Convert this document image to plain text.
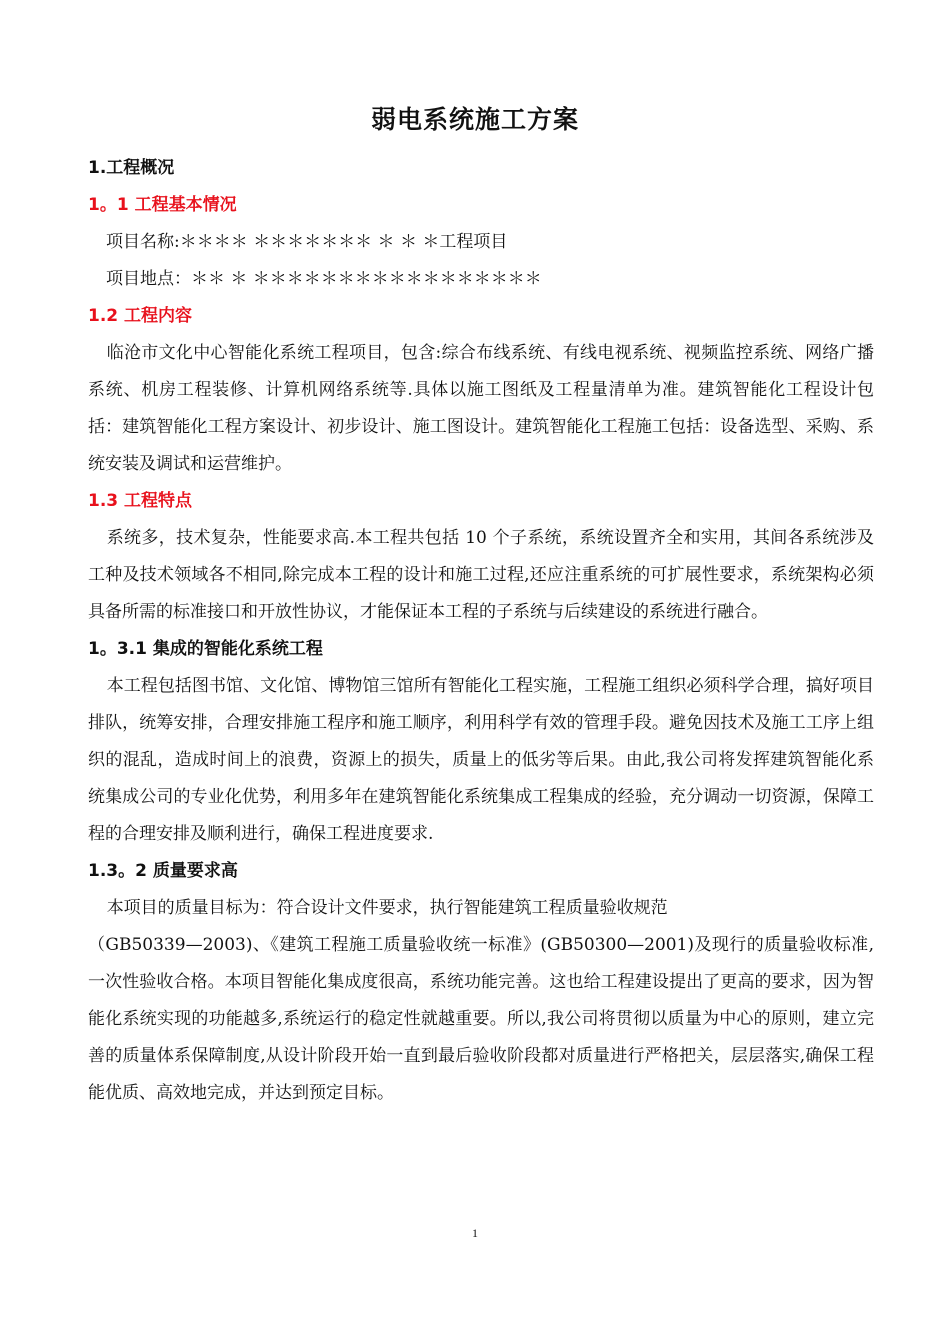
弱电系统施工方案
1.工程概况
1。1 工程基本情况
项目名称:＊＊＊＊ ＊＊＊＊＊＊＊ ＊ ＊ ＊工程项目
项目地点：＊＊ ＊ ＊＊＊＊＊＊＊＊＊＊＊＊＊＊＊＊＊
1.2 工程内容

临沧市文化中心智能化系统工程项目，包含:综合布线系统、有线电视系统、视频监控系统、网络广播系统、机房工程装修、计算机网络系统等.具体以施工图纸及工程量清单为准。建筑智能化工程设计包括：建筑智能化工程方案设计、初步设计、施工图设计。建筑智能化工程施工包括：设备选型、采购、系统安装及调试和运营维护。

1.3 工程特点

系统多，技术复杂，性能要求高.本工程共包括 10 个子系统，系统设置齐全和实用，其间各系统涉及工种及技术领域各不相同,除完成本工程的设计和施工过程,还应注重系统的可扩展性要求，系统架构必须具备所需的标准接口和开放性协议，才能保证本工程的子系统与后续建设的系统进行融合。

1。3.1 集成的智能化系统工程

本工程包括图书馆、文化馆、博物馆三馆所有智能化工程实施，工程施工组织必须科学合理，搞好项目排队，统筹安排，合理安排施工程序和施工顺序，利用科学有效的管理手段。避免因技术及施工工序上组织的混乱，造成时间上的浪费，资源上的损失，质量上的低劣等后果。由此,我公司将发挥建筑智能化系统集成公司的专业化优势，利用多年在建筑智能化系统集成工程集成的经验，充分调动一切资源，保障工程的合理安排及顺利进行，确保工程进度要求.

1.3。2 质量要求高

本项目的质量目标为：符合设计文件要求，执行智能建筑工程质量验收规范

（GB50339—2003)、《建筑工程施工质量验收统一标准》(GB50300—2001)及现行的质量验收标准,一次性验收合格。本项目智能化集成度很高，系统功能完善。这也给工程建设提出了更高的要求，因为智能化系统实现的功能越多,系统运行的稳定性就越重要。所以,我公司将贯彻以质量为中心的原则，建立完善的质量体系保障制度,从设计阶段开始一直到最后验收阶段都对质量进行严格把关，层层落实,确保工程能优质、高效地完成，并达到预定目标。

1
